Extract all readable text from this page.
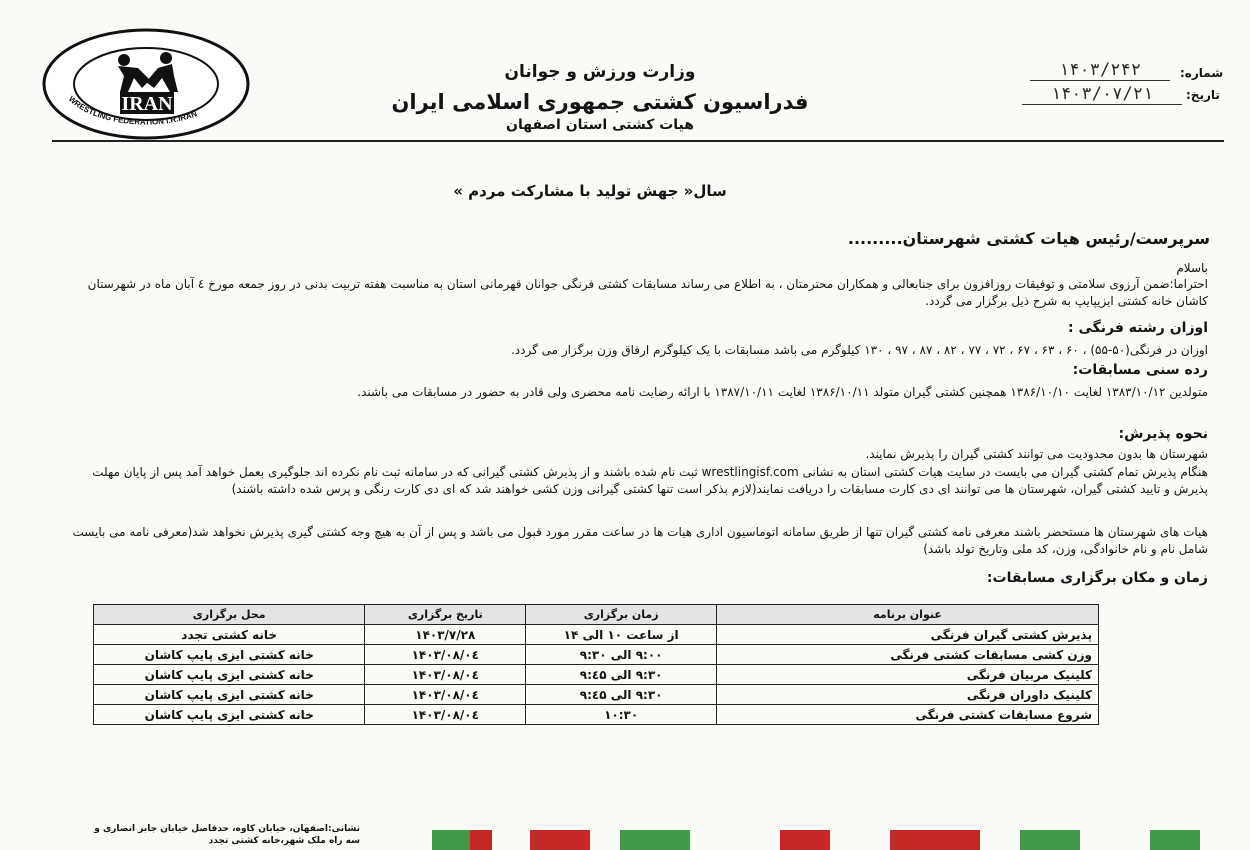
WRESTLING FEDERATION I.R.IRAN
IRAN
وزارت ورزش و جوانان
فدراسیون کشتی جمهوری اسلامی ایران
هیات کشتی استان اصفهان
شماره:
۱۴۰۳/۲۴۲
تاریخ:
۱۴۰۳/۰۷/۲۱
سال« جهش تولید با مشارکت مردم »
سرپرست/رئیس هیات کشتی شهرستان.........
باسلام
احتراما:ضمن آرزوی سلامتی و توفیقات روزافزون برای جنابعالی و همکاران محترمتان ، به اطلاع می رساند مسابقات کشتی فرنگی جوانان قهرمانی استان به مناسبت هفته تربیت بدنی در روز جمعه مورخ ٤ آبان ماه در شهرستان کاشان خانه کشتی ایزیپایپ به شرح ذیل برگزار می گردد.
اوزان رشته فرنگی :
اوزان در فرنگی(۵۰-۵۵) ، ۶۰ ، ۶۳ ، ۶۷ ، ۷۲ ، ۷۷ ، ۸۲ ، ۸۷ ، ۹۷ ، ۱۳۰ کیلوگرم می باشد مسابقات با یک کیلوگرم ارفاق وزن برگزار می گردد.
رده سنی مسابقات:
متولدین ۱۳۸۳/۱۰/۱۲ لغایت ۱۳۸۶/۱۰/۱۰ همچنین کشتی گیران متولد ۱۳۸۶/۱۰/۱۱ لغایت ۱۳۸۷/۱۰/۱۱ با ارائه رضایت نامه محضری ولی قادر به حضور در مسابقات می باشند.
نحوه پذیرش:
شهرستان ها بدون محدودیت می توانند کشتی گیران را پذیرش نمایند.
هنگام پذیرش تمام کشتی گیران می بایست در سایت هیات کشتی استان به نشانی wrestlingisf.com ثبت نام شده باشند و از پذیرش کشتی گیرانی که در سامانه ثبت نام نکرده اند جلوگیری بعمل خواهد آمد پس از پایان مهلت پذیرش و تایید کشتی گیران، شهرستان ها می توانند ای دی کارت مسابقات را دریافت نمایند(لازم بذکر است تنها کشتی گیرانی وزن کشی خواهند شد که ای دی کارت رنگی و پرس شده داشته باشند)
هیات های شهرستان ها مستحضر باشند معرفی نامه کشتی گیران تنها از طریق سامانه اتوماسیون اداری هیات ها در ساعت مقرر مورد قبول می باشد و پس از آن به هیچ وجه کشتی گیری پذیرش نخواهد شد(معرفی نامه می بایست شامل نام و نام خانوادگی، وزن، کد ملی وتاریخ تولد باشد)
زمان و مکان برگزاری مسابقات:
عنوان برنامه	زمان برگزاری	تاریخ برگزاری	محل برگزاری
پذیرش کشتی گیران فرنگی	از ساعت ۱۰ الی ۱۴	۱۴۰۳/۷/۲۸	خانه کشتی تجدد
وزن کشی مسابقات کشتی فرنگی	۹:۰۰ الی ۹:۳۰	۱۴۰۳/۰۸/۰٤	خانه کشتی ایزی پایپ کاشان
کلینیک مربیان فرنگی	۹:۳۰ الی ۹:٤۵	۱۴۰۳/۰۸/۰٤	خانه کشتی ایزی پایپ کاشان
کلینیک داوران فرنگی	۹:۳۰ الی ۹:٤۵	۱۴۰۳/۰۸/۰٤	خانه کشتی ایزی پایپ کاشان
شروع مسابقات کشتی فرنگی	۱۰:۳۰	۱۴۰۳/۰۸/۰٤	خانه کشتی ایزی پایپ کاشان
نشانی:اصفهان، خیابان کاوه، حدفاصل خیابان جابر انصاری و
سه راه ملک شهر،خانه کشتی تجدد
